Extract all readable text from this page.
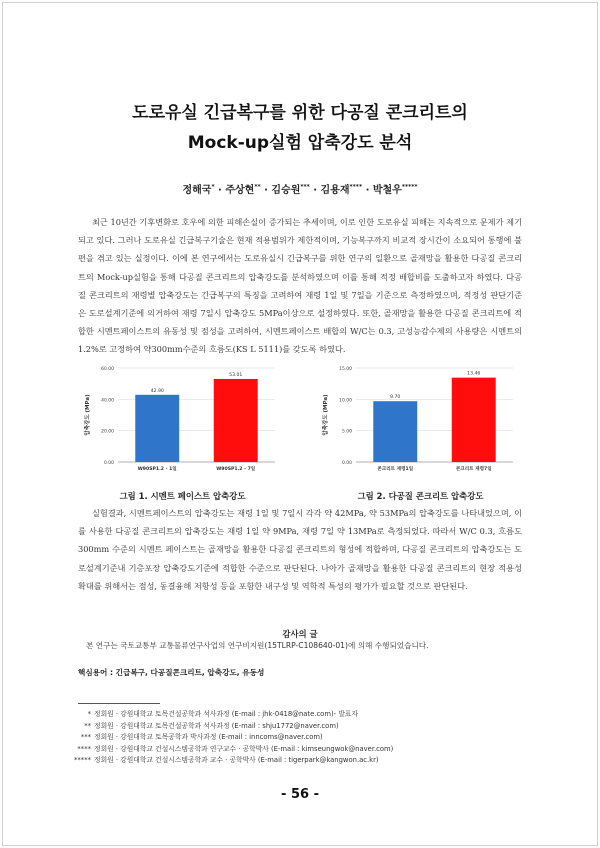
도로유실 긴급복구를 위한 다공질 콘크리트의
Mock-up실험 압축강도 분석
정해국* · 주상현** · 김승원*** · 김용재**** · 박철우*****

최근 10년간 기후변화로 호우에 의한 피해손실이 증가되는 추세이며, 이로 인한 도로유실 피해는 지속적으로 문제가 제기되고 있다. 그러나 도로유실 긴급복구기술은 현재 적용범위가 제한적이며, 기능복구까지 비교적 장시간이 소요되어 통행에 불편을 겪고 있는 실정이다. 이에 본 연구에서는 도로유실시 긴급복구를 위한 연구의 일환으로 골재망을 활용한 다공질 콘크리트의 Mock-up실험을 통해 다공질 콘크리트의 압축강도를 분석하였으며 이를 통해 적정 배합비를 도출하고자 하였다. 다공질 콘크리트의 재령별 압축강도는 긴급복구의 특징을 고려하여 재령 1일 및 7일을 기준으로 측정하였으며, 적정성 판단기준은 도로설계기준에 의거하여 재령 7일시 압축강도 5MPa이상으로 설정하였다. 또한, 골재망을 활용한 다공질 콘크리트에 적합한 시멘트페이스트의 유동성 및 점성을 고려하여, 시멘트페이스트 배합의 W/C는 0.3, 고성능감수제의 사용량은 시멘트의 1.2%로 고정하여 약300mm수준의 흐름도(KS L 5111)를 갖도록 하였다.

0.00
20.00
40.00
60.00
압축강도 (MPa)
42.90
W90SP1.2 - 1일
53.01
W90SP1.2 - 7일
0.00
5.00
10.00
15.00
압축강도 (MPa)	9.70
콘크리트 재령1일
13.46
콘크리트 재령7일
그림 1. 시멘트 페이스트 압축강도	그림 2. 다공질 콘크리트 압축강도

실험결과, 시멘트페이스트의 압축강도는 재령 1일 및 7일시 각각 약 42MPa, 약 53MPa의 압축강도를 나타내었으며, 이를 사용한 다공질 콘크리트의 압축강도는 재령 1일 약 9MPa, 재령 7일 약 13MPa로 측정되었다. 따라서 W/C 0.3, 흐름도 300mm 수준의 시멘트 페이스트는 골재망을 활용한 다공질 콘크리트의 형성에 적합하며, 다공질 콘크리트의 압축강도는 도로설계기준내 기층포장 압축강도기준에 적합한 수준으로 판단된다. 나아가 골재망을 활용한 다공질 콘크리트의 현장 적용성 확대를 위해서는 점성, 동결융해 저항성 등을 포함한 내구성 및 역학적 특성의 평가가 필요할 것으로 판단된다.

감사의 글
본 연구는 국토교통부 교통물류연구사업의 연구비지원(15TLRP-C108640-01)에 의해 수행되었습니다.
핵심용어 : 긴급복구, 다공질콘크리트, 압축강도, 유동성
* 정회원 · 강원대학교 토목건설공학과 석사과정 (E-mail : jhk-0418@nate.com)- 발표자
** 정회원 · 강원대학교 토목건설공학과 석사과정 (E-mail : shju1772@naver.com)
*** 정회원 · 강원대학교 토목공학과 박사과정 (E-mail : inncoms@naver.com)
**** 정회원 · 강원대학교 건설시스템공학과 연구교수 · 공학박사 (E-mail : kimseungwok@naver.com)
***** 정회원 · 강원대학교 건설시스템공학과 교수 · 공학박사 (E-mail : tigerpark@kangwon.ac.kr)
- 56 -
